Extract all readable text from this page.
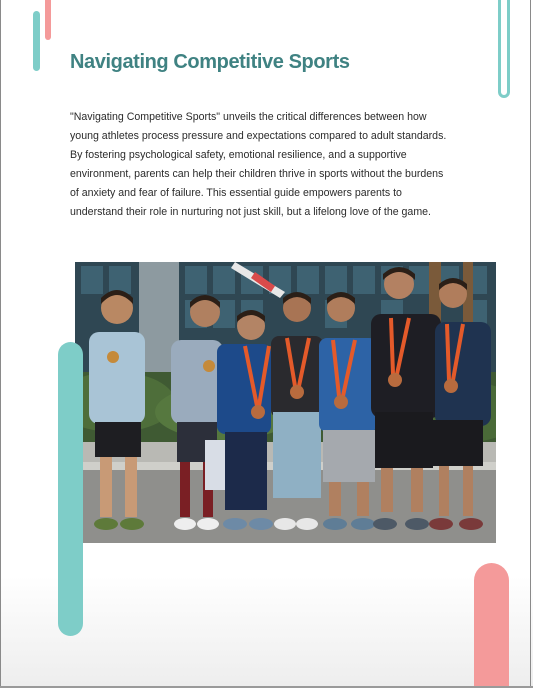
Navigating Competitive Sports

"Navigating Competitive Sports" unveils the critical differences between how young athletes process pressure and expectations compared to adult standards. By fostering psychological safety, emotional resilience, and a supportive environment, parents can help their children thrive in sports without the burdens of anxiety and fear of failure. This essential guide empowers parents to understand their role in nurturing not just skill, but a lifelong love of the game.
